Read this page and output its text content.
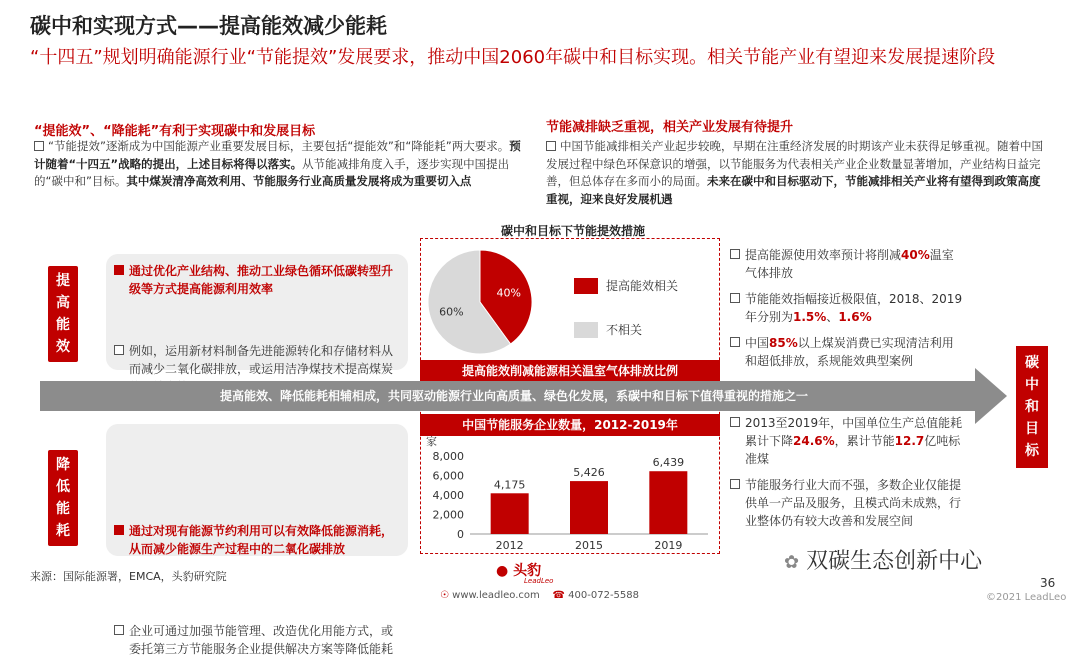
碳中和实现方式——提高能效减少能耗
“十四五”规划明确能源行业“节能提效”发展要求，推动中国2060年碳中和目标实现。相关节能产业有望迎来发展提速阶段
“提能效”、“降能耗”有利于实现碳中和发展目标
“节能提效”逐渐成为中国能源产业重要发展目标，主要包括“提能效”和“降能耗”两大要求。预计随着“十四五”战略的提出，上述目标将得以落实。从节能减排角度入手，逐步实现中国提出的“碳中和”目标。其中煤炭清净高效利用、节能服务行业高质量发展将成为重要切入点
节能减排缺乏重视，相关产业发展有待提升
中国节能减排相关产业起步较晚，早期在注重经济发展的时期该产业未获得足够重视。随着中国发展过程中绿色环保意识的增强，以节能服务为代表相关产业企业数量显著增加，产业结构日益完善，但总体存在多而小的局面。未来在碳中和目标驱动下，节能减排相关产业将有望得到政策高度重视，迎来良好发展机遇
提
高
能
效
通过优化产业结构、推动工业绿色循环低碳转型升级等方式提高能源利用效率
例如，运用新材料制备先进能源转化和存储材料从而减少二氧化碳排放，或运用洁净煤技术提高煤炭
降
低
能
耗	通过对现有能源节约利用可以有效降低能源消耗，从而减少能源生产过程中的二氧化碳排放
企业可通过加强节能管理、改造优化用能方式，或委托第三方节能服务企业提供解决方案等降低能耗
碳中和目标下节能提效措施
40%
60%
提高能效相关
不相关
提高能效削减能源相关温室气体排放比例
提高能效、降低能耗相辅相成，共同驱动能源行业向高质量、绿色化发展，系碳中和目标下值得重视的措施之一
中国节能服务企业数量，2012-2019年
家
0
2,000
4,000
6,000
8,000
4,175
2012
5,426
2015
6,439
2019
提高能源使用效率预计将削减40%温室气体排放
节能能效指幅接近极限值，2018、2019年分别为1.5%、1.6%
中国85%以上煤炭消费已实现清洁利用和超低排放，系规能效典型案例
2013至2019年，中国单位生产总值能耗累计下降24.6%，累计节能12.7亿吨标准煤
节能服务行业大而不强，多数企业仅能提供单一产品及服务，且模式尚未成熟，行业整体仍有较大改善和发展空间
碳
中
和
目
标
来源：国际能源署，EMCA，头豹研究院	● 头豹
LeadLeo
☉ www.leadleo.com ☎ 400-072-5588
✿ 双碳生态创新中心
36
©2021 LeadLeo
